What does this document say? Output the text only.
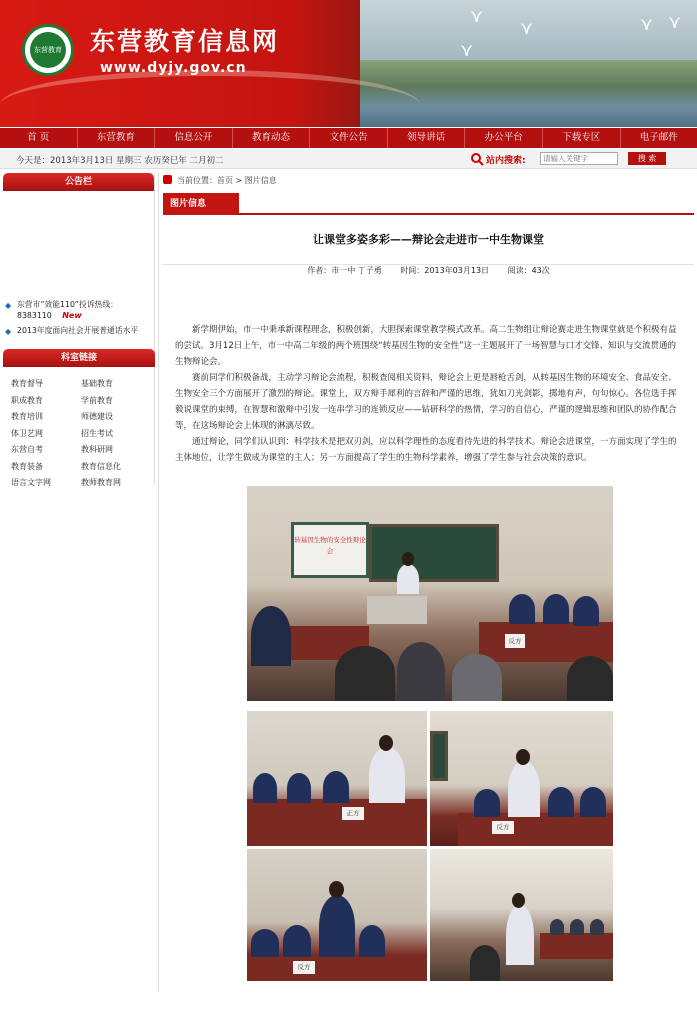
⋎
⋎
⋎
⋎ ⋎
东营教育 东营教育信息网
www.dyjy.gov.cn
首 页	东营教育	信息公开	教育动态	文件公告	领导讲话	办公平台	下载专区	电子邮件
今天是：2013年3月13日 星期三 农历癸巳年 二月初二	站内搜索:
请输入关键字	搜 索
公告栏
◆ 东营市“效能110”投诉热线：
8383110 New
◆ 2013年度面向社会开展普通话水平
科室链接
教育督导	基础教育
职成教育	学前教育
教育培训	师德建设
体卫艺网	招生考试
东营自考	教科研网
教育装备	教育信息化
语言文字网	教师教育网
当前位置：首页 > 图片信息
图片信息
让课堂多姿多彩——辩论会走进市一中生物课堂
作者：市一中 丁子勇 时间：2013年03月13日 阅读：43次

新学期伊始，市一中秉承新课程理念，积极创新，大胆探索课堂教学模式改革。高二生物组让辩论赛走进生物课堂就是个积极有益的尝试。3月12日上午，市一中高二年级的两个班围绕“转基因生物的安全性”这一主题展开了一场智慧与口才交锋、知识与交流贯通的生物辩论会。

赛前同学们积极备战，主动学习辩论会流程，积极查阅相关资料，辩论会上更是唇枪舌剑，从转基因生物的环境安全、食品安全、生物安全三个方面展开了激烈的辩论。课堂上，双方辩手犀利的言辞和严谨的思维，犹如刀光剑影，掷地有声，句句惊心。各位选手挥毅说课堂的束缚，在智慧和激辩中引发一连串学习的连锁反应——钻研科学的热情，学习的自信心，严谨的逻辑思维和团队的协作配合等，在这场辩论会上体现的淋漓尽致。

通过辩论，同学们认识到：科学技术是把双刃剑，应以科学理性的态度看待先进的科学技术。辩论会进课堂，一方面实现了学生的主体地位，让学生做成为课堂的主人；另一方面提高了学生的生物科学素养，增强了学生参与社会决策的意识。

转基因生物的安全性辩论会
反方
正方
反方
反方
